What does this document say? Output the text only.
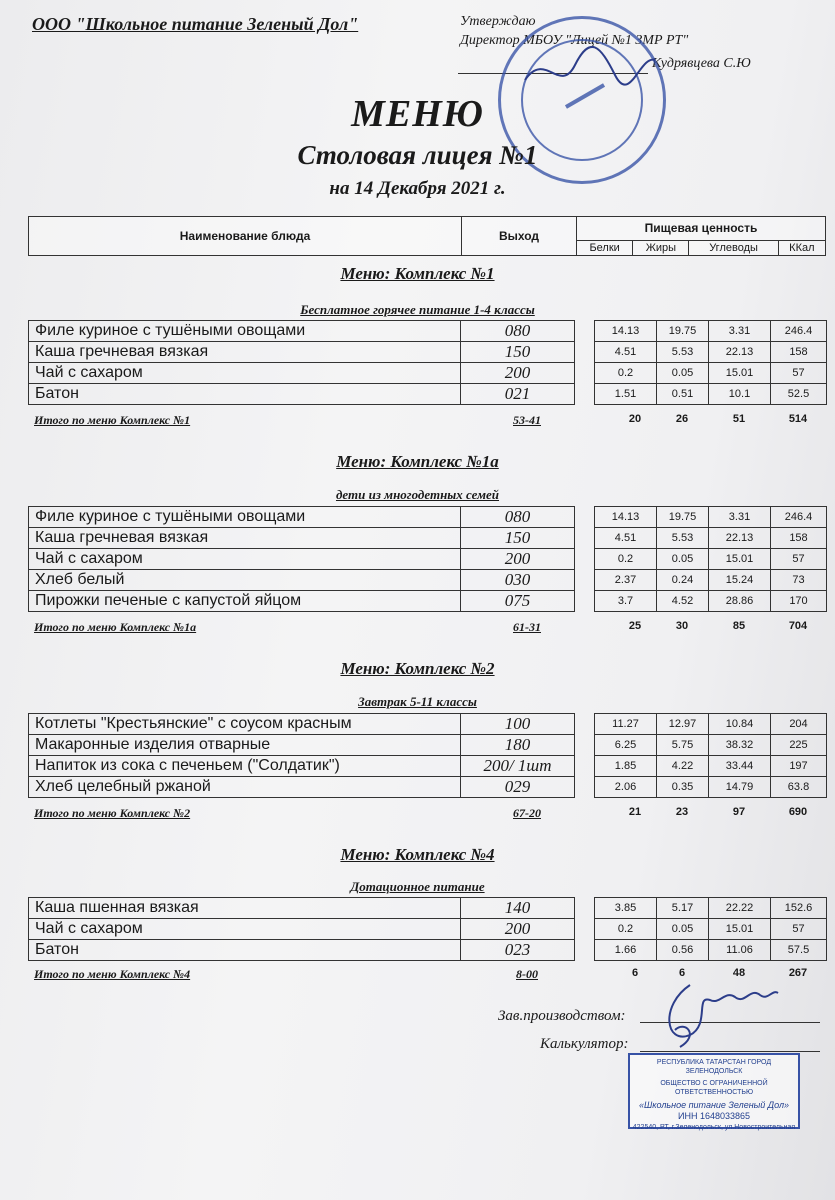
ООО "Школьное питание Зеленый Дол"	Утверждаю
Директор МБОУ "Лицей №1 ЗМР РТ"
Кудрявцева С.Ю
МЕНЮ
Столовая лицея №1
на 14 Декабря 2021 г.
Наименование блюда	Выход	Пищевая ценность			
		Белки	Жиры	Углеводы	ККал
Меню: Комплекс №1
Бесплатное горячее питание 1-4 классы
Филе куриное с тушёными овощами	080		14.13	19.75	3.31	246.4
Каша гречневая вязкая	150		4.51	5.53	22.13	158
Чай с сахаром	200		0.2	0.05	15.01	57
Батон	021		1.51	0.51	10.1	52.5
Итого по меню Комплекс №1	53-41	20	26	51	514
Меню: Комплекс №1а
дети из многодетных семей
Филе куриное с тушёными овощами	080		14.13	19.75	3.31	246.4
Каша гречневая вязкая	150		4.51	5.53	22.13	158
Чай с сахаром	200		0.2	0.05	15.01	57
Хлеб белый	030		2.37	0.24	15.24	73
Пирожки печеные с капустой яйцом	075		3.7	4.52	28.86	170
Итого по меню Комплекс №1а	61-31	25	30	85	704
Меню: Комплекс №2
Завтрак 5-11 классы
Котлеты "Крестьянские" с соусом красным	100		11.27	12.97	10.84	204
Макаронные изделия отварные	180		6.25	5.75	38.32	225
Напиток из сока с печеньем ("Солдатик")	200/ 1шт		1.85	4.22	33.44	197
Хлеб целебный ржаной	029		2.06	0.35	14.79	63.8
Итого по меню Комплекс №2	67-20	21	23	97	690
Меню: Комплекс №4
Дотационное питание
Каша пшенная вязкая	140		3.85	5.17	22.22	152.6
Чай с сахаром	200		0.2	0.05	15.01	57
Батон	023		1.66	0.56	11.06	57.5
Итого по меню Комплекс №4	8-00	6	6	48	267
Зав.производством:
Калькулятор:
РЕСПУБЛИКА ТАТАРСТАН ГОРОД ЗЕЛЕНОДОЛЬСК
ОБЩЕСТВО С ОГРАНИЧЕННОЙ ОТВЕТСТВЕННОСТЬЮ
«Школьное питание Зеленый Дол»
ИНН 1648033865
422540, РТ, г.Зеленодольск, ул.Новостроительная
